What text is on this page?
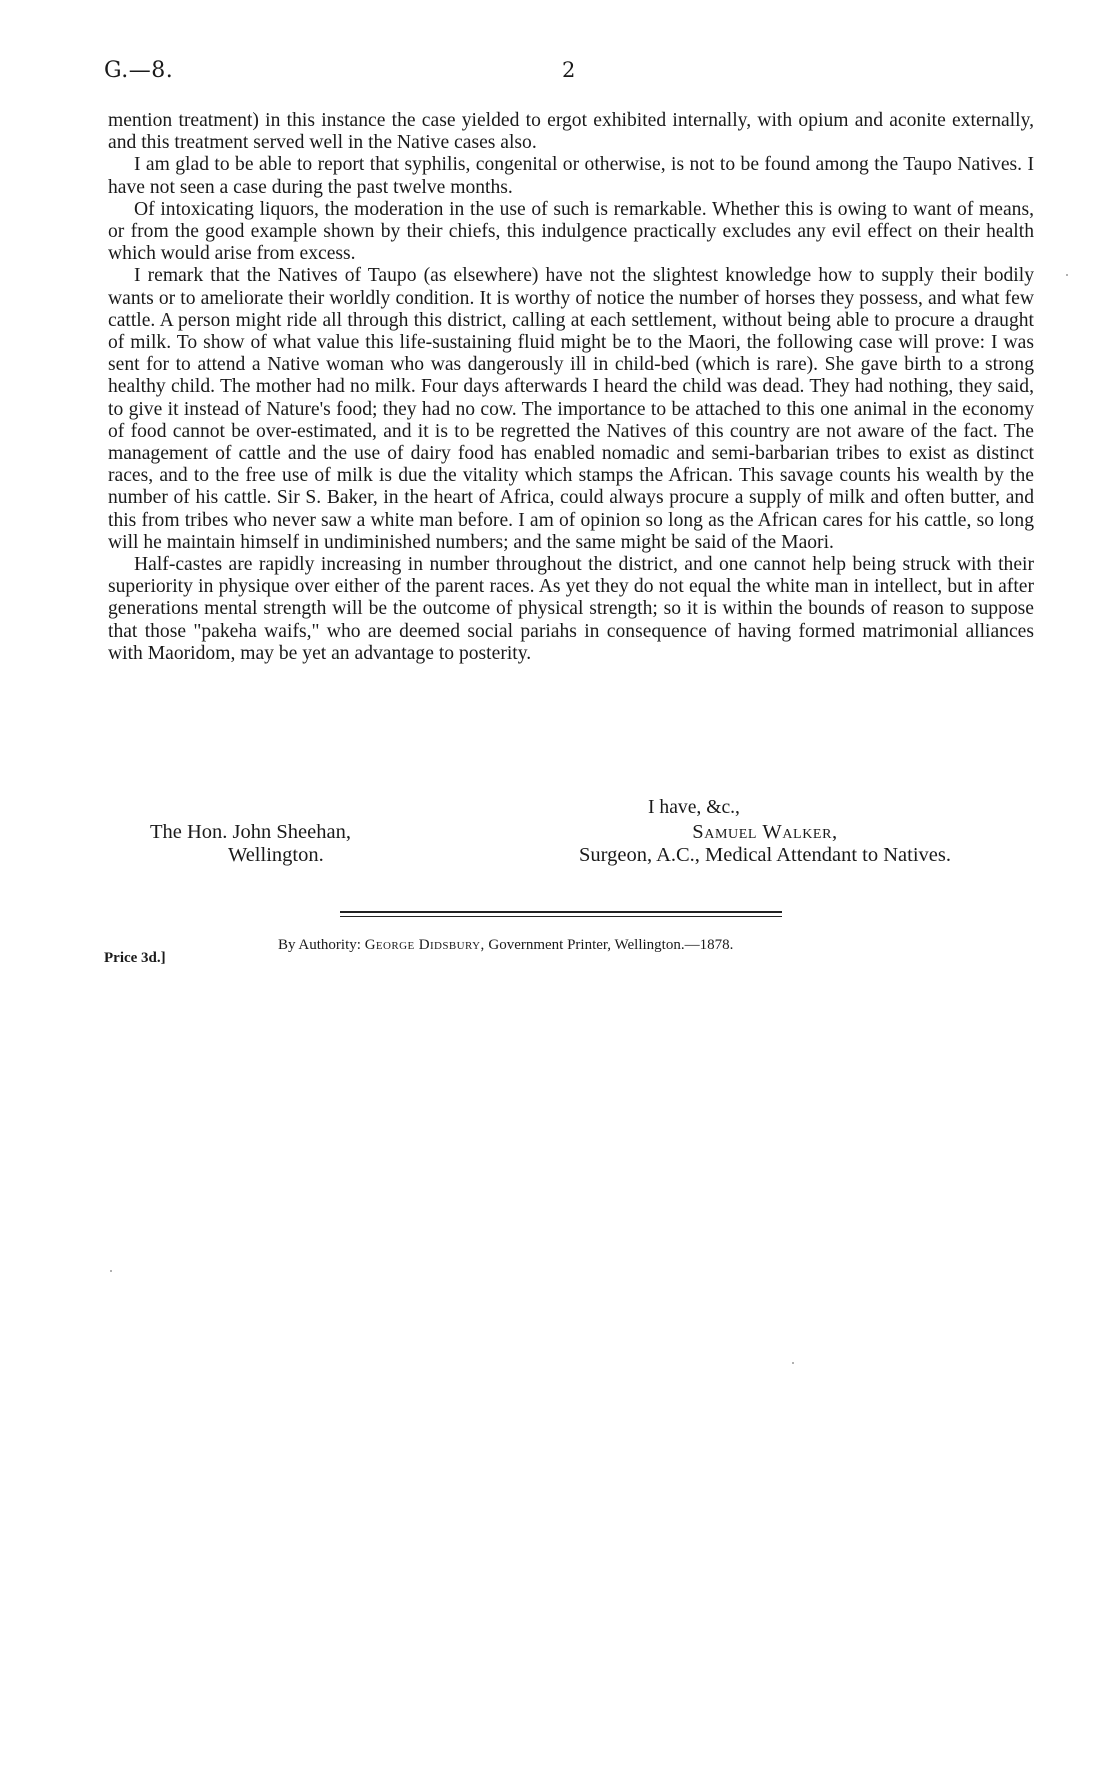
G.—8.	2

mention treatment) in this instance the case yielded to ergot exhibited internally, with opium and aconite externally, and this treatment served well in the Native cases also.

I am glad to be able to report that syphilis, congenital or otherwise, is not to be found among the Taupo Natives. I have not seen a case during the past twelve months.

Of intoxicating liquors, the moderation in the use of such is remarkable. Whether this is owing to want of means, or from the good example shown by their chiefs, this indulgence practically excludes any evil effect on their health which would arise from excess.

I remark that the Natives of Taupo (as elsewhere) have not the slightest knowledge how to supply their bodily wants or to ameliorate their worldly condition. It is worthy of notice the number of horses they possess, and what few cattle. A person might ride all through this district, calling at each settlement, without being able to procure a draught of milk. To show of what value this life-sustaining fluid might be to the Maori, the following case will prove: I was sent for to attend a Native woman who was dangerously ill in child-bed (which is rare). She gave birth to a strong healthy child. The mother had no milk. Four days afterwards I heard the child was dead. They had nothing, they said, to give it instead of Nature's food; they had no cow. The importance to be attached to this one animal in the economy of food cannot be over-estimated, and it is to be regretted the Natives of this country are not aware of the fact. The management of cattle and the use of dairy food has enabled nomadic and semi-barbarian tribes to exist as distinct races, and to the free use of milk is due the vitality which stamps the African. This savage counts his wealth by the number of his cattle. Sir S. Baker, in the heart of Africa, could always procure a supply of milk and often butter, and this from tribes who never saw a white man before. I am of opinion so long as the African cares for his cattle, so long will he maintain himself in undiminished numbers; and the same might be said of the Maori.

Half-castes are rapidly increasing in number throughout the district, and one cannot help being struck with their superiority in physique over either of the parent races. As yet they do not equal the white man in intellect, but in after generations mental strength will be the outcome of physical strength; so it is within the bounds of reason to suppose that those "pakeha waifs," who are deemed social pariahs in consequence of having formed matrimonial alliances with Maoridom, may be yet an advantage to posterity.

I have, &c.,
The Hon. John Sheehan,
Wellington.
Samuel Walker,
Surgeon, A.C., Medical Attendant to Natives.
Price 3d.]
By Authority: George Didsbury, Government Printer, Wellington.—1878.
